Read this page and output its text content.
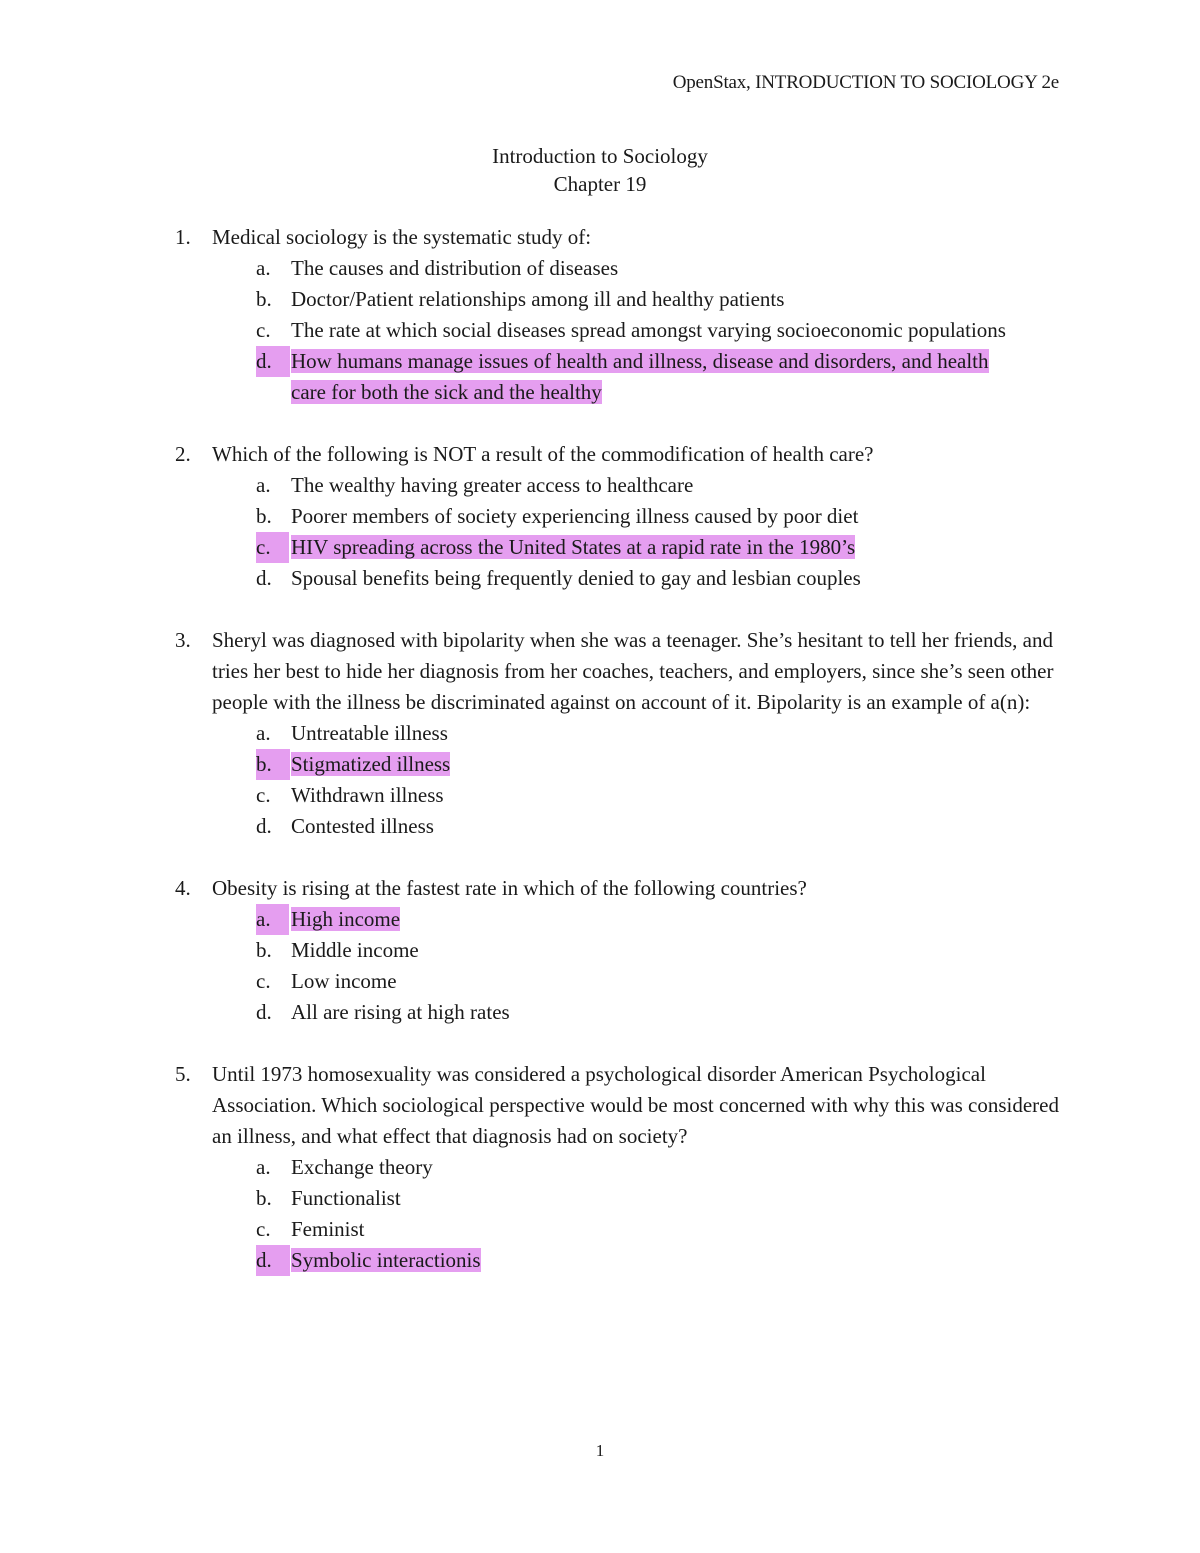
OpenStax, INTRODUCTION TO SOCIOLOGY 2e
Introduction to Sociology
Chapter 19
1. Medical sociology is the systematic study of:
a. The causes and distribution of diseases
b. Doctor/Patient relationships among ill and healthy patients
c. The rate at which social diseases spread amongst varying socioeconomic populations
d. How humans manage issues of health and illness, disease and disorders, and health care for both the sick and the healthy
2. Which of the following is NOT a result of the commodification of health care?
a. The wealthy having greater access to healthcare
b. Poorer members of society experiencing illness caused by poor diet
c. HIV spreading across the United States at a rapid rate in the 1980’s
d. Spousal benefits being frequently denied to gay and lesbian couples
3. Sheryl was diagnosed with bipolarity when she was a teenager. She’s hesitant to tell her friends, and tries her best to hide her diagnosis from her coaches, teachers, and employers, since she’s seen other people with the illness be discriminated against on account of it. Bipolarity is an example of a(n):
a. Untreatable illness
b. Stigmatized illness
c. Withdrawn illness
d. Contested illness
4. Obesity is rising at the fastest rate in which of the following countries?
a. High income
b. Middle income
c. Low income
d. All are rising at high rates
5. Until 1973 homosexuality was considered a psychological disorder American Psychological Association. Which sociological perspective would be most concerned with why this was considered an illness, and what effect that diagnosis had on society?
a. Exchange theory
b. Functionalist
c. Feminist
d. Symbolic interactionis
1
